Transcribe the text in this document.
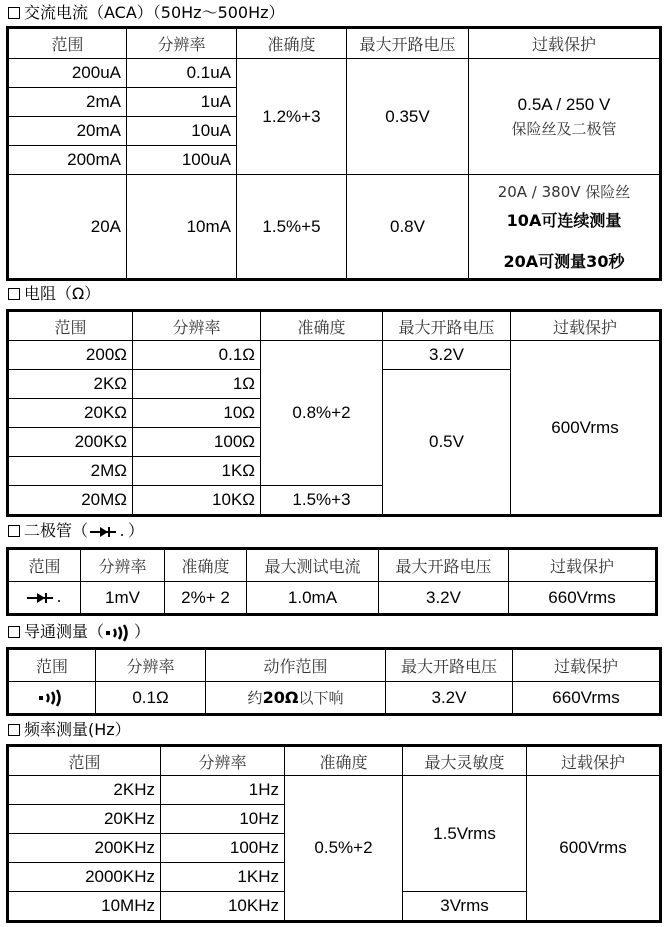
交流电流（ACA）（50Hz～500Hz）
范围	分辨率	准确度	最大开路电压	过载保护
200uA	0.1uA	1.2%+3	0.35V	0.5A / 250 V
保险丝及二极管

2mA	1uA			
20mA	10uA			
200mA	100uA			
20A	10mA	1.5%+5	0.8V	20A / 380V 保险丝
10A可连续测量
20A可测量30秒
电阻（Ω）
范围	分辨率	准确度	最大开路电压	过载保护
200Ω	0.1Ω	0.8%+2	3.2V	600Vrms
2KΩ	1Ω		0.5V	
20KΩ	10Ω			
200KΩ	100Ω			
2MΩ	1KΩ			
20MΩ	10KΩ	1.5%+3		
二极管（	）
范围	分辨率	准确度	最大测试电流	最大开路电压	过载保护
	1mV	2%+ 2	1.0mA	3.2V	660Vrms
导通测量（ ）
范围	分辨率	动作范围	最大开路电压	过载保护
	0.1Ω	约20Ω以下响	3.2V	660Vrms
频率测量(Hz）
范围	分辨率	准确度	最大灵敏度	过载保护
2KHz	1Hz	0.5%+2	1.5Vrms	600Vrms
20KHz	10Hz			
200KHz	100Hz			
2000KHz	1KHz			
10MHz	10KHz		3Vrms	
